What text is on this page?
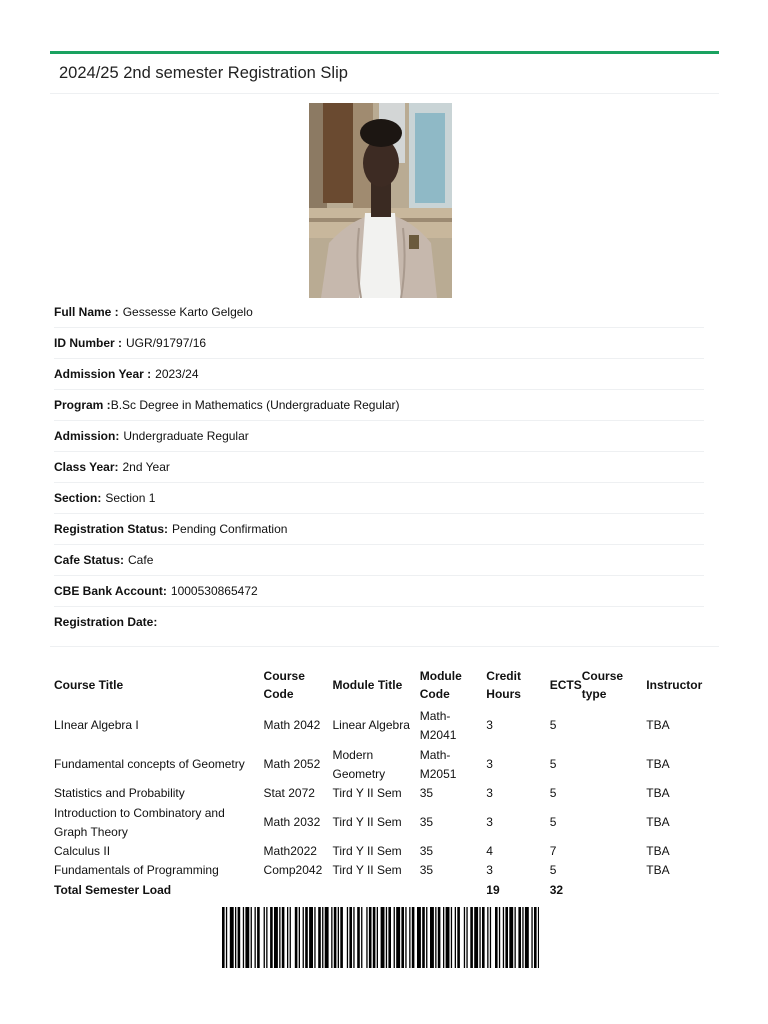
2024/25 2nd semester Registration Slip
Full Name : Gessesse Karto Gelgelo
ID Number : UGR/91797/16
Admission Year : 2023/24
Program : B.Sc Degree in Mathematics (Undergraduate Regular)
Admission: Undergraduate Regular
Class Year: 2nd Year
Section: Section 1
Registration Status: Pending Confirmation
Cafe Status: Cafe
CBE Bank Account: 1000530865472
Registration Date:
Course Title	Course Code	Module Title	Module Code	Credit Hours	ECTS	Course type	Instructor
LInear Algebra I	Math 2042	Linear Algebra	Math-M2041	3	5		TBA
Fundamental concepts of Geometry	Math 2052	Modern Geometry	Math-M2051	3	5		TBA
Statistics and Probability	Stat 2072	Tird Y II Sem	35	3	5		TBA
Introduction to Combinatory and Graph Theory	Math 2032	Tird Y II Sem	35	3	5		TBA
Calculus II	Math2022	Tird Y II Sem	35	4	7		TBA
Fundamentals of Programming	Comp2042	Tird Y II Sem	35	3	5		TBA
Total Semester Load				19	32		
